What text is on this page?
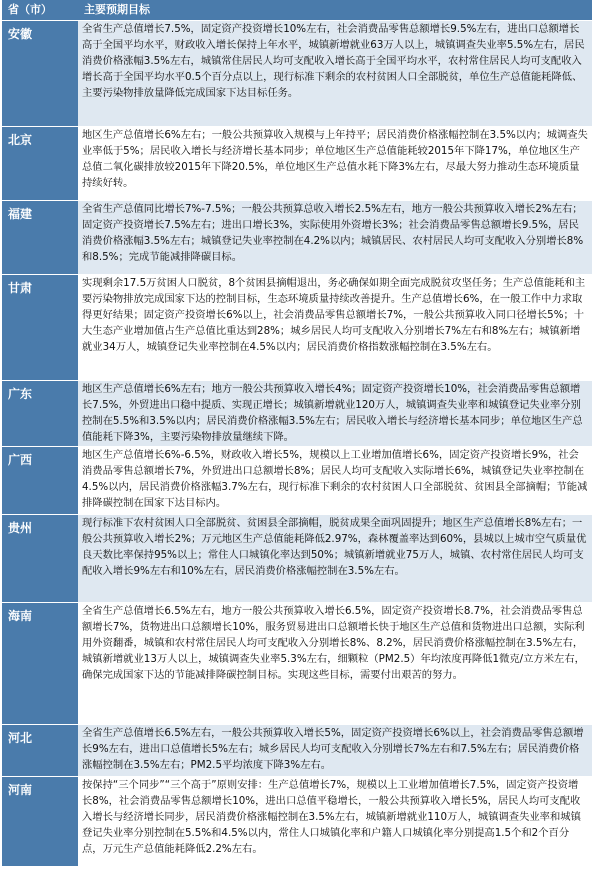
省（市）	主要预期目标
安徽	全省生产总值增长7.5%，固定资产投资增长10%左右，社会消费品零售总额增长9.5%左右，进出口总额增长高于全国平均水平，财政收入增长保持上年水平，城镇新增就业63万人以上，城镇调查失业率5.5%左右，居民消费价格涨幅3.5%左右，城镇常住居民人均可支配收入增长高于全国平均水平，农村常住居民人均可支配收入增长高于全国平均水平0.5个百分点以上，现行标准下剩余的农村贫困人口全部脱贫，单位生产总值能耗降低、主要污染物排放量降低完成国家下达目标任务。
北京	地区生产总值增长6%左右；一般公共预算收入规模与上年持平；居民消费价格涨幅控制在3.5%以内；城调查失业率低于5%；居民收入增长与经济增长基本同步；单位地区生产总值能耗较2015年下降17%，单位地区生产总值二氧化碳排放较2015年下降20.5%，单位地区生产总值水耗下降3%左右，尽最大努力推动生态环境质量持续好转。
福建	全省生产总值同比增长7%-7.5%；一般公共预算总收入增长2.5%左右，地方一般公共预算收入增长2%左右；固定资产投资增长7.5%左右；进出口增长3%，实际使用外资增长3%；社会消费品零售总额增长9.5%，居民消费价格涨幅3.5%左右；城镇登记失业率控制在4.2%以内；城镇居民、农村居民人均可支配收入分别增长8%和8.5%；完成节能减排降碳目标。
甘肃	实现剩余17.5万贫困人口脱贫，8个贫困县摘帽退出，务必确保如期全面完成脱贫攻坚任务；生产总值能耗和主要污染物排放完成国家下达的控制目标，生态环境质量持续改善提升。生产总值增长6%，在一般工作中力求取得更好结果；固定资产投资增长6%以上，社会消费品零售总额增长7%，一般公共预算收入同口径增长5%；十大生态产业增加值占生产总值比重达到28%；城乡居民人均可支配收入分别增长7%左右和8%左右；城镇新增就业34万人，城镇登记失业率控制在4.5%以内；居民消费价格指数涨幅控制在3.5%左右。
广东	地区生产总值增长6%左右；地方一般公共预算收入增长4%；固定资产投资增长10%，社会消费品零售总额增长7.5%，外贸进出口稳中提质、实现正增长；城镇新增就业120万人，城镇调查失业率和城镇登记失业率分别控制在5.5%和3.5%以内；居民消费价格涨幅3.5%左右；居民收入增长与经济增长基本同步；单位地区生产总值能耗下降3%，主要污染物排放量继续下降。
广西	地区生产总值增长6%-6.5%，财政收入增长5%，规模以上工业增加值增长6%，固定资产投资增长9%，社会消费品零售总额增长7%，外贸进出口总额增长8%；居民人均可支配收入实际增长6%，城镇登记失业率控制在4.5%以内，居民消费价格涨幅3.7%左右，现行标准下剩余的农村贫困人口全部脱贫、贫困县全部摘帽；节能减排降碳控制在国家下达目标内。
贵州	现行标准下农村贫困人口全部脱贫、贫困县全部摘帽，脱贫成果全面巩固提升；地区生产总值增长8%左右；一般公共预算收入增长2%；万元地区生产总值能耗降低2.97%，森林覆盖率达到60%，县城以上城市空气质量优良天数比率保持95%以上；常住人口城镇化率达到50%；城镇新增就业75万人，城镇、农村常住居民人均可支配收入增长9%左右和10%左右，居民消费价格涨幅控制在3.5%左右。
海南	全省生产总值增长6.5%左右，地方一般公共预算收入增长6.5%，固定资产投资增长8.7%，社会消费品零售总额增长7%，货物进出口总额增长10%，服务贸易进出口总额增长快于地区生产总值和货物进出口总额，实际利用外资翻番，城镇和农村常住居民人均可支配收入分别增长8%、8.2%，居民消费价格涨幅控制在3.5%左右，城镇新增就业13万人以上，城镇调查失业率5.3%左右，细颗粒（PM2.5）年均浓度再降低1微克/立方米左右，确保完成国家下达的节能减排降碳控制目标。实现这些目标，需要付出艰苦的努力。
河北	全省生产总值增长6.5%左右，一般公共预算收入增长5%，固定资产投资增长6%以上，社会消费品零售总额增长9%左右，进出口总值增长5%左右；城乡居民人均可支配收入分别增长7%左右和7.5%左右；居民消费价格涨幅控制在3.5%左右；PM2.5平均浓度下降3%左右。
河南	按保持“三个同步”“三个高于”原则安排：生产总值增长7%，规模以上工业增加值增长7.5%，固定资产投资增长8%，社会消费品零售总额增长10%，进出口总值平稳增长，一般公共预算收入增长5%，居民人均可支配收入增长与经济增长同步，居民消费价格涨幅控制在3.5%左右，城镇新增就业110万人，城镇调查失业率和城镇登记失业率分别控制在5.5%和4.5%以内，常住人口城镇化率和户籍人口城镇化率分别提高1.5个和2个百分点，万元生产总值能耗降低2.2%左右。
